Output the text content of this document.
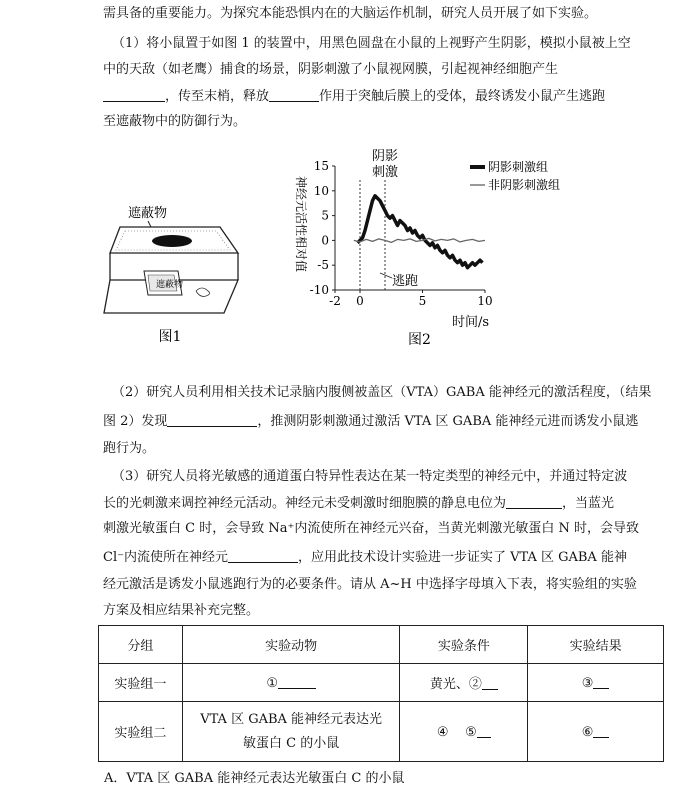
需具备的重要能力。为探究本能恐惧内在的大脑运作机制，研究人员开展了如下实验。
（1）将小鼠置于如图 1 的装置中，用黑色圆盘在小鼠的上视野产生阴影，模拟小鼠被上空
中的天敌（如老鹰）捕食的场景，阴影刺激了小鼠视网膜，引起视神经细胞产生
，传至末梢，释放	作用于突触后膜上的受体，最终诱发小鼠产生逃跑
至遮蔽物中的防御行为。
遮蔽物
遮蔽物
图1
阴影
刺激
逃跑
神经元活性相对值
时间/s
图2
阴影刺激组
非阴影刺激组
15
10
5
0
-5
-10
-2 0	5	10
（2）研究人员利用相关技术记录脑内腹侧被盖区（VTA）GABA 能神经元的激活程度，（结果
图 2）发现	，推测阴影刺激通过激活 VTA 区 GABA 能神经元进而诱发小鼠逃
跑行为。
（3）研究人员将光敏感的通道蛋白特异性表达在某一特定类型的神经元中，并通过特定波
长的光刺激来调控神经元活动。神经元未受刺激时细胞膜的静息电位为	，当蓝光
刺激光敏蛋白 C 时，会导致 Na⁺内流使所在神经元兴奋，当黄光刺激光敏蛋白 N 时，会导致
Cl⁻内流使所在神经元	，应用此技术设计实验进一步证实了 VTA 区 GABA 能神
经元激活是诱发小鼠逃跑行为的必要条件。请从 A~H 中选择字母填入下表，将实验组的实验
方案及相应结果补充完整。
分组	实验动物	实验条件	实验结果
实验组一	①	黄光、②	③
实验组二	VTA 区 GABA 能神经元表达光
敏蛋白 C 的小鼠	④    ⑤	⑥
A．VTA 区 GABA 能神经元表达光敏蛋白 C 的小鼠
